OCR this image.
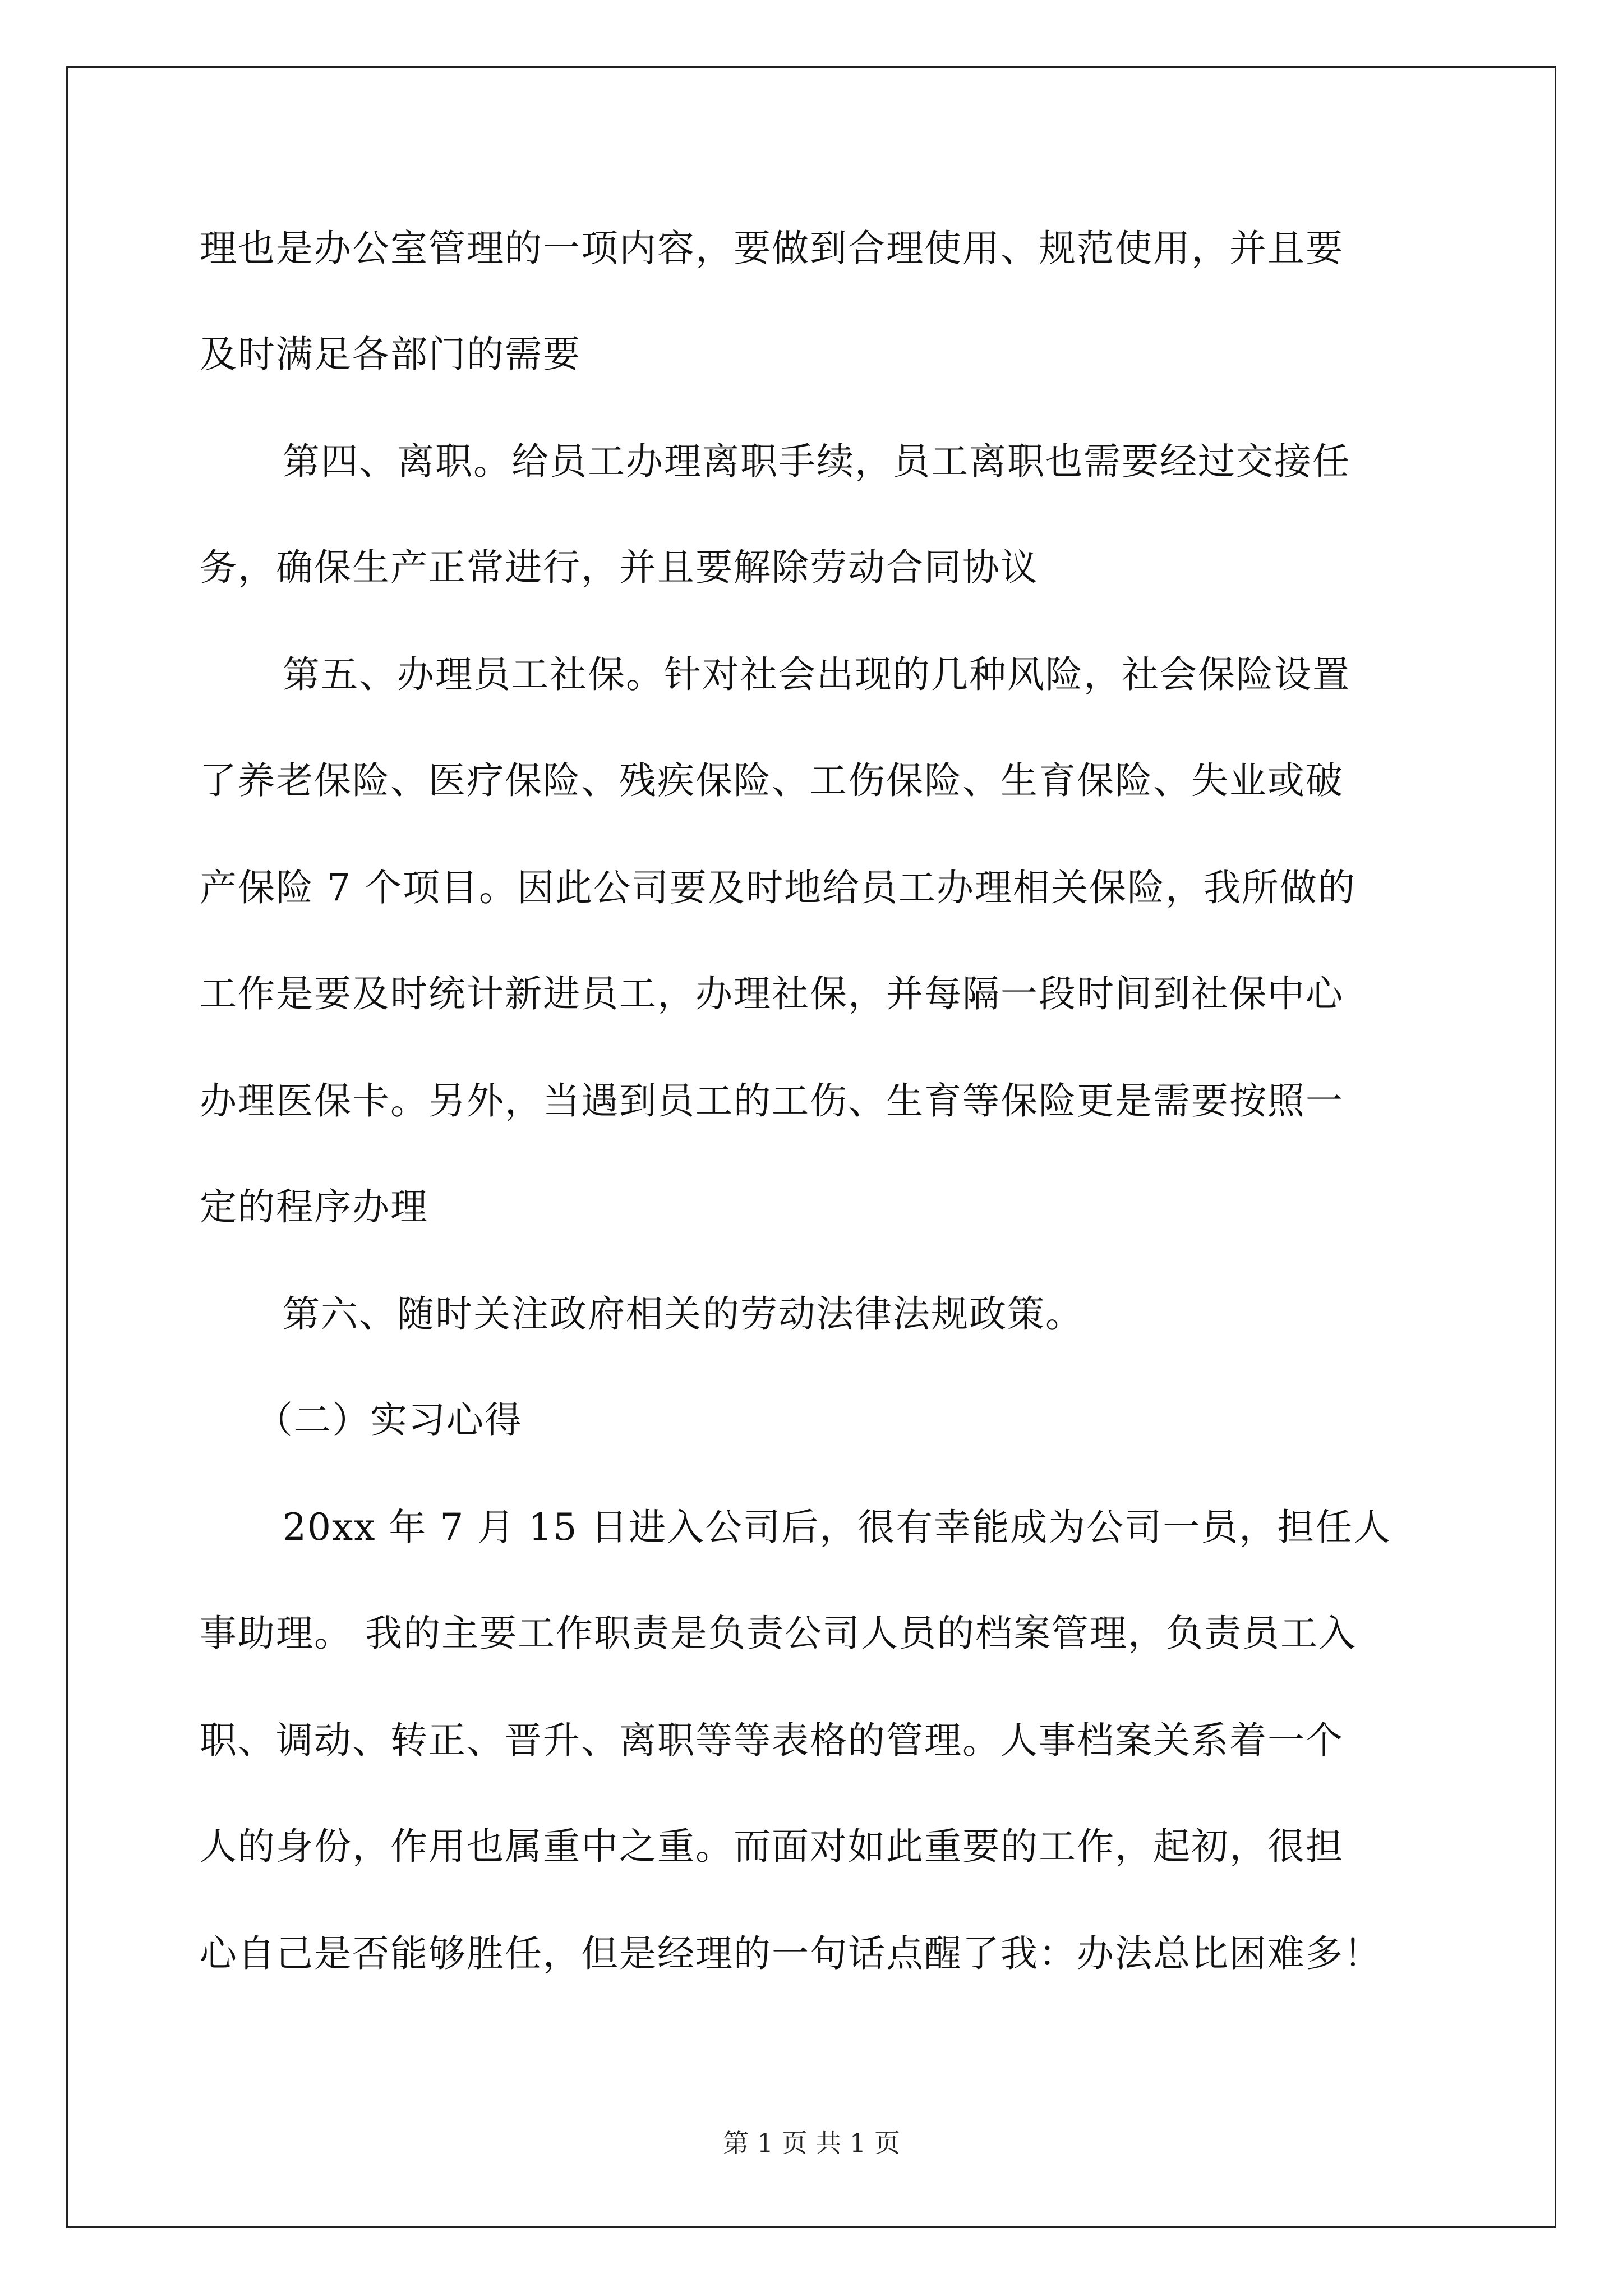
理也是办公室管理的一项内容，要做到合理使用、规范使用，并且要
及时满足各部门的需要
第四、离职。给员工办理离职手续，员工离职也需要经过交接任
务，确保生产正常进行，并且要解除劳动合同协议
第五、办理员工社保。针对社会出现的几种风险，社会保险设置
了养老保险、医疗保险、残疾保险、工伤保险、生育保险、失业或破
产保险 7 个项目。因此公司要及时地给员工办理相关保险，我所做的
工作是要及时统计新进员工，办理社保，并每隔一段时间到社保中心
办理医保卡。另外，当遇到员工的工伤、生育等保险更是需要按照一
定的程序办理
第六、随时关注政府相关的劳动法律法规政策。
（二）实习心得
20xx 年 7 月 15 日进入公司后，很有幸能成为公司一员，担任人
事助理。 我的主要工作职责是负责公司人员的档案管理，负责员工入
职、调动、转正、晋升、离职等等表格的管理。人事档案关系着一个
人的身份，作用也属重中之重。而面对如此重要的工作，起初，很担
心自己是否能够胜任，但是经理的一句话点醒了我：办法总比困难多！
第 1 页 共 1 页
